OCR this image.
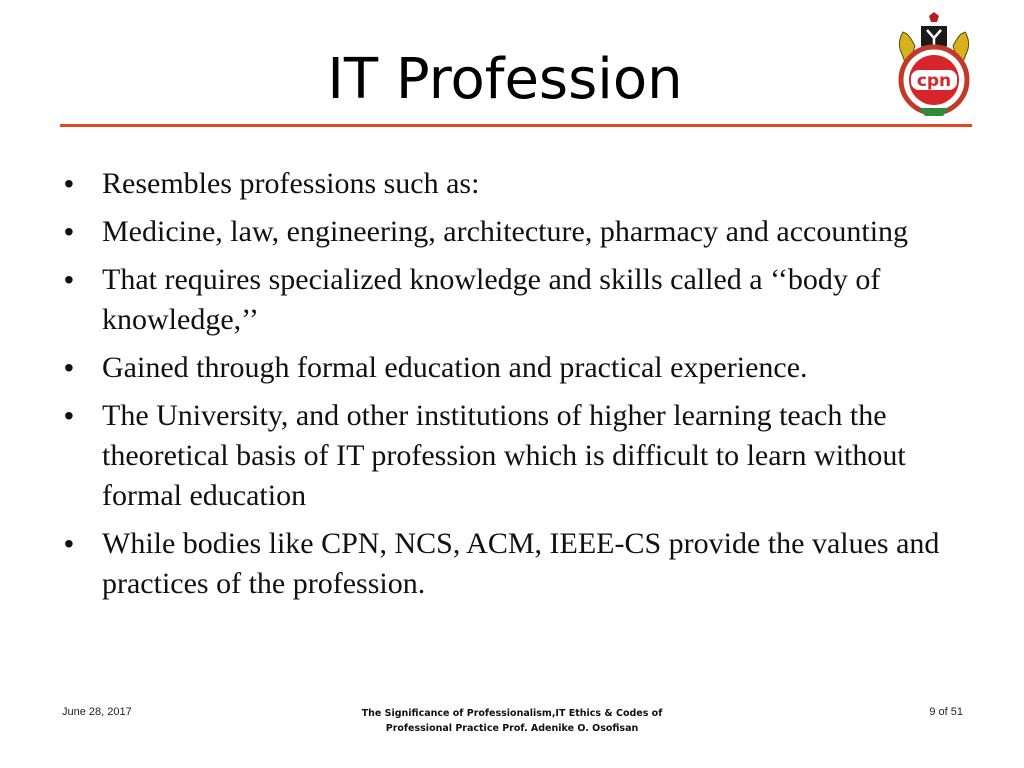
IT Profession	cpn
• Resembles professions such as:
• Medicine, law, engineering, architecture, pharmacy and accounting
• That requires specialized knowledge and skills called a ‘‘body of knowledge,’’
• Gained through formal education and practical experience.
• The University, and other institutions of higher learning teach the theoretical basis of IT profession which is difficult to learn without formal education
• While bodies like CPN, NCS, ACM, IEEE-CS provide the values and practices of the profession.
June 28, 2017	The Significance of Professionalism,IT Ethics & Codes of
Professional Practice Prof. Adenike O. Osofisan
9 of 51
